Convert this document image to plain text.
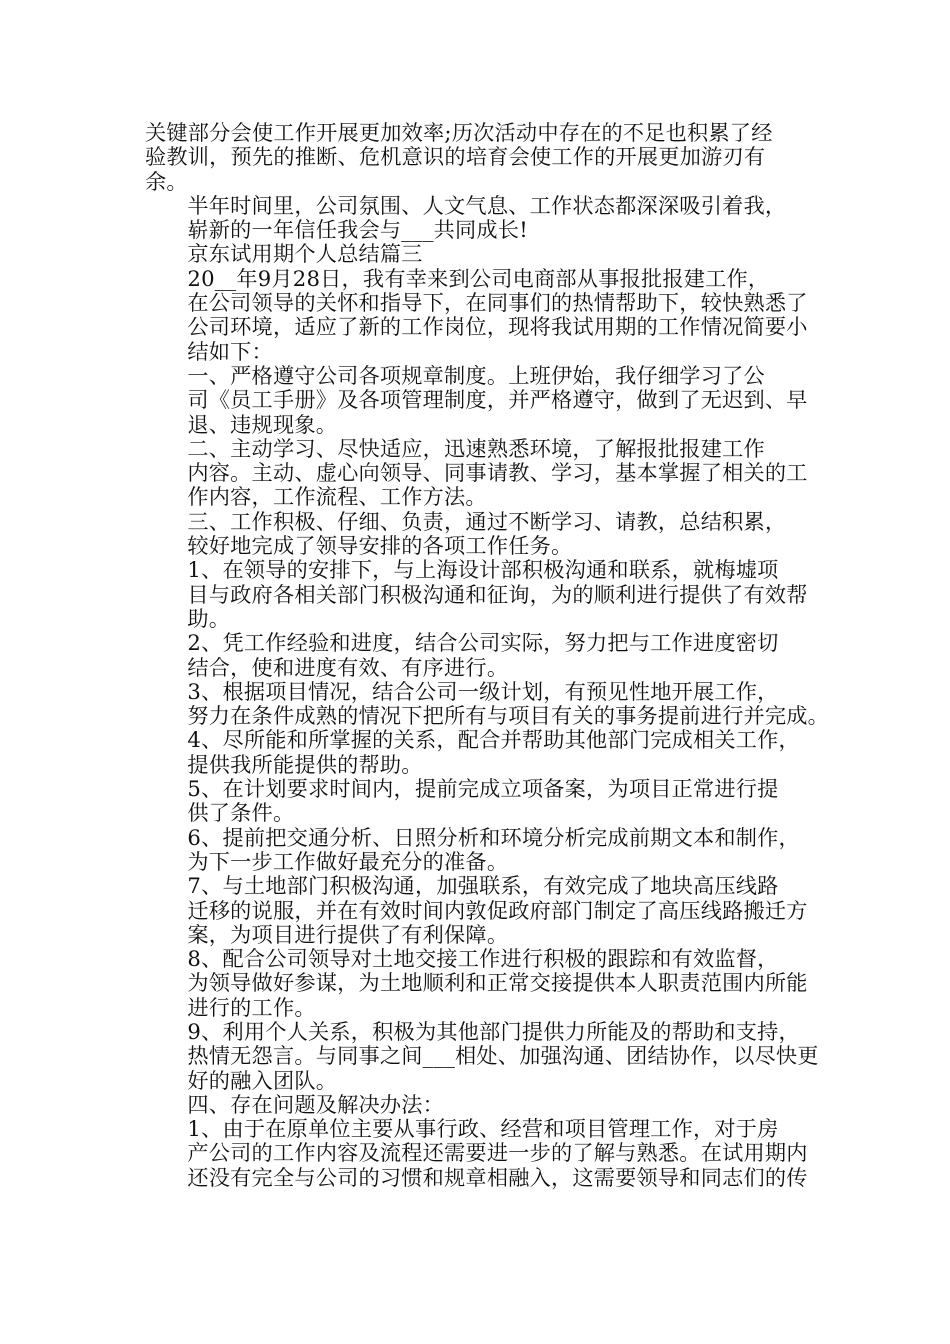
关键部分会使工作开展更加效率;历次活动中存在的不足也积累了经
验教训，预先的推断、危机意识的培育会使工作的开展更加游刃有
余。
半年时间里，公司氛围、人文气息、工作状态都深深吸引着我，
崭新的一年信任我会与___共同成长!
京东试用期个人总结篇三
20__年9月28日，我有幸来到公司电商部从事报批报建工作，
在公司领导的关怀和指导下，在同事们的热情帮助下，较快熟悉了
公司环境，适应了新的工作岗位，现将我试用期的工作情况简要小
结如下：
一、严格遵守公司各项规章制度。上班伊始，我仔细学习了公
司《员工手册》及各项管理制度，并严格遵守，做到了无迟到、早
退、违规现象。
二、主动学习、尽快适应，迅速熟悉环境，了解报批报建工作
内容。主动、虚心向领导、同事请教、学习，基本掌握了相关的工
作内容，工作流程、工作方法。
三、工作积极、仔细、负责，通过不断学习、请教，总结积累，
较好地完成了领导安排的各项工作任务。
1、在领导的安排下，与上海设计部积极沟通和联系，就梅墟项
目与政府各相关部门积极沟通和征询，为的顺利进行提供了有效帮
助。
2、凭工作经验和进度，结合公司实际，努力把与工作进度密切
结合，使和进度有效、有序进行。
3、根据项目情况，结合公司一级计划，有预见性地开展工作，
努力在条件成熟的情况下把所有与项目有关的事务提前进行并完成。
4、尽所能和所掌握的关系，配合并帮助其他部门完成相关工作，
提供我所能提供的帮助。
5、在计划要求时间内，提前完成立项备案，为项目正常进行提
供了条件。
6、提前把交通分析、日照分析和环境分析完成前期文本和制作，
为下一步工作做好最充分的准备。
7、与土地部门积极沟通，加强联系，有效完成了地块高压线路
迁移的说服，并在有效时间内敦促政府部门制定了高压线路搬迁方
案，为项目进行提供了有利保障。
8、配合公司领导对土地交接工作进行积极的跟踪和有效监督，
为领导做好参谋，为土地顺利和正常交接提供本人职责范围内所能
进行的工作。
9、利用个人关系，积极为其他部门提供力所能及的帮助和支持，
热情无怨言。与同事之间___相处、加强沟通、团结协作，以尽快更
好的融入团队。
四、存在问题及解决办法：
1、由于在原单位主要从事行政、经营和项目管理工作，对于房
产公司的工作内容及流程还需要进一步的了解与熟悉。在试用期内
还没有完全与公司的习惯和规章相融入，这需要领导和同志们的传
